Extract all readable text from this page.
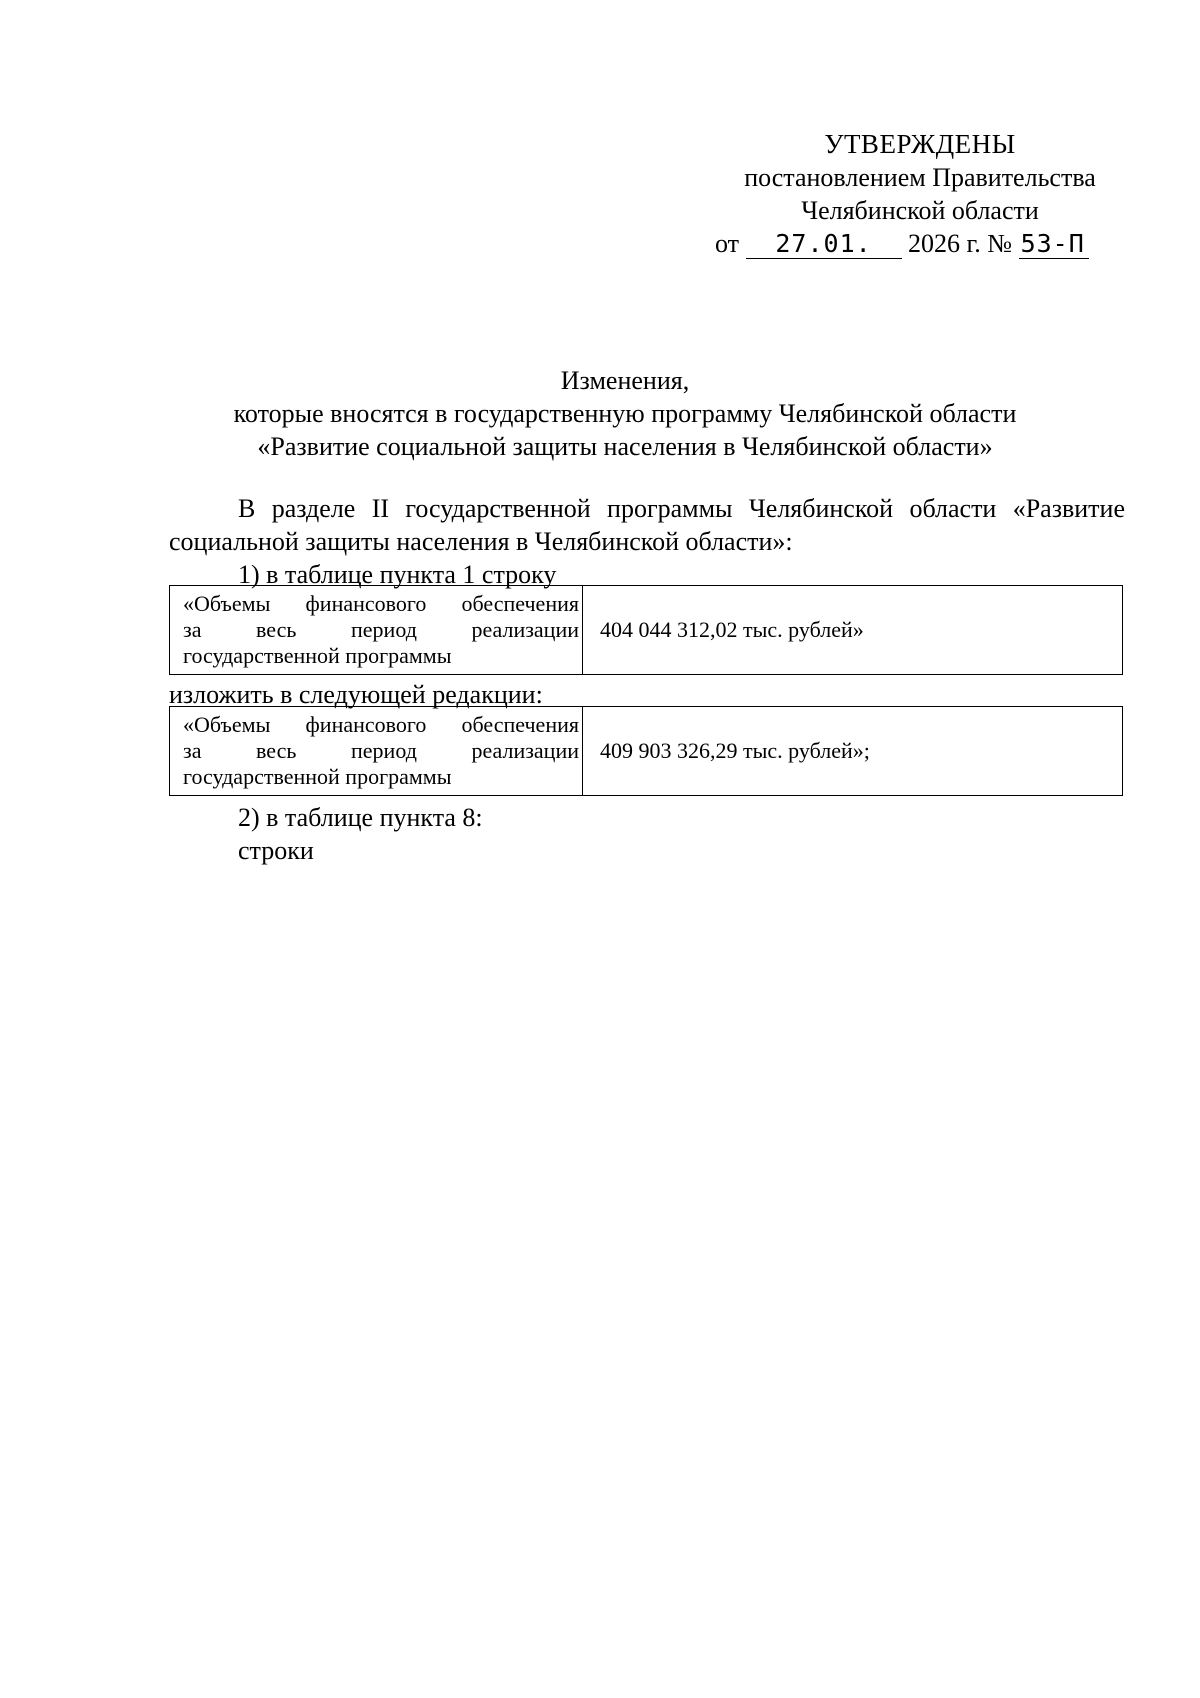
УТВЕРЖДЕНЫ
постановлением Правительства
Челябинской области
от 27.01. 2026 г. № 53-П
Изменения,
которые вносятся в государственную программу Челябинской области
«Развитие социальной защиты населения в Челябинской области»
В разделе II государственной программы Челябинской области «Развитие социальной защиты населения в Челябинской области»:
1) в таблице пункта 1 строку
«Объемы финансового обеспечения
за весь период реализации
государственной программы
	404 044 312,02 тыс. рублей»
изложить в следующей редакции:
«Объемы финансового обеспечения
за весь период реализации
государственной программы
	409 903 326,29 тыс. рублей»;
2) в таблице пункта 8:
строки
